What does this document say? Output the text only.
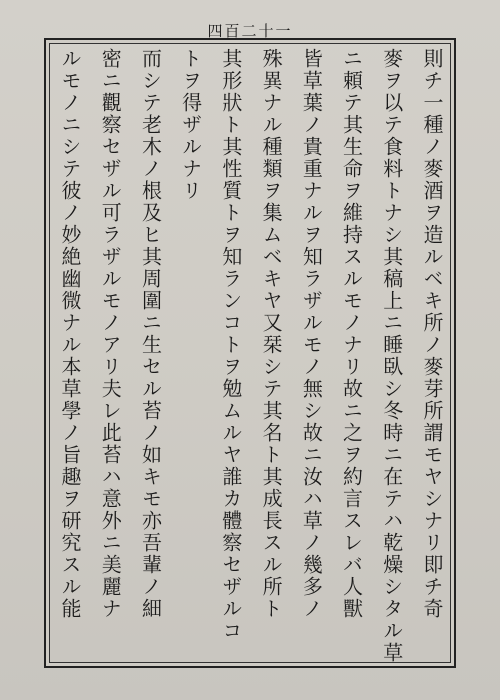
四百二十一
則チ一種ノ麥酒ヲ造ルベキ所ノ麥芽所謂モヤシナリ即チ奇
麥ヲ以テ食料トナシ其稿上ニ睡臥シ冬時ニ在テハ乾燥シタル草
ニ頼テ其生命ヲ維持スルモノナリ故ニ之ヲ約言スレバ人獸
皆草葉ノ貴重ナルヲ知ラザルモノ無シ故ニ汝ハ草ノ幾多ノ
殊異ナル種類ヲ集ムベキヤ又栞シテ其名ト其成長スル所ト
其形狀ト其性質トヲ知ランコトヲ勉ムルヤ誰カ體察セザルコ
トヲ得ザルナリ
而シテ老木ノ根及ヒ其周圍ニ生セル苔ノ如キモ亦吾輩ノ細
密ニ觀察セザル可ラザルモノアリ夫レ此苔ハ意外ニ美麗ナ
ルモノニシテ彼ノ妙絶幽微ナル本草學ノ旨趣ヲ研究スル能
